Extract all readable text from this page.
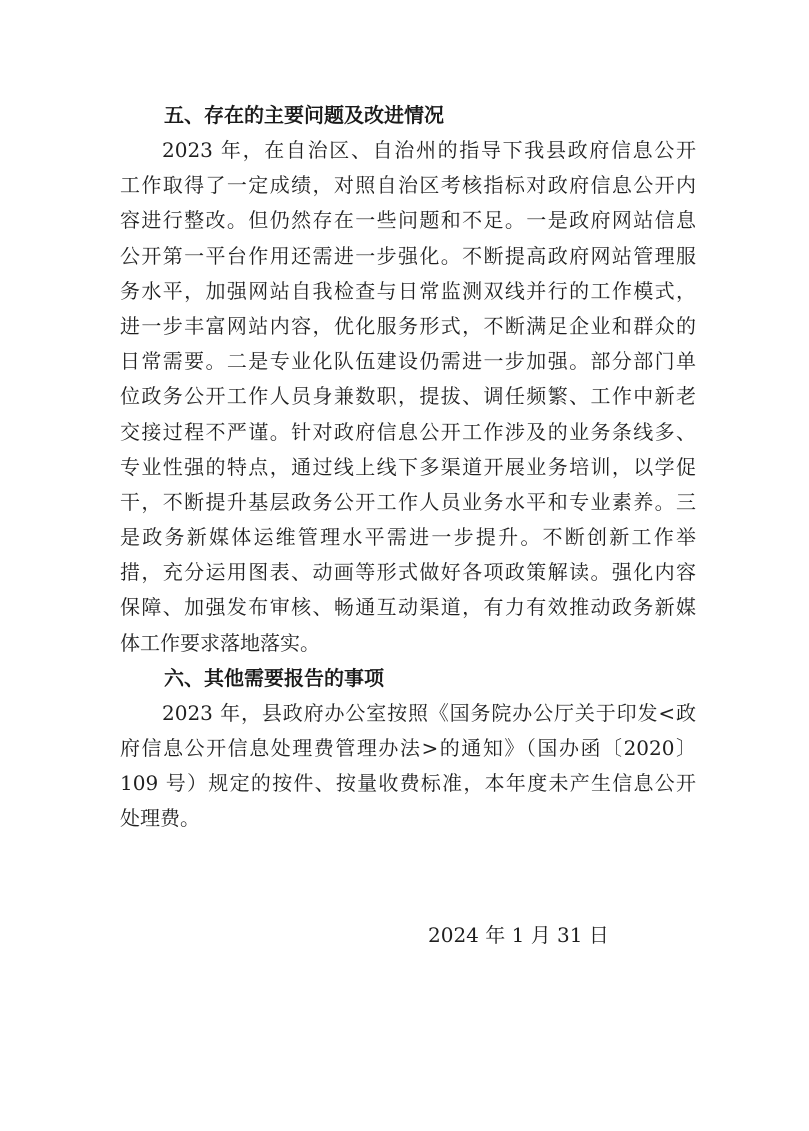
五、存在的主要问题及改进情况
2023 年，在自治区、自治州的指导下我县政府信息公开
工作取得了一定成绩，对照自治区考核指标对政府信息公开内
容进行整改。但仍然存在一些问题和不足。一是政府网站信息
公开第一平台作用还需进一步强化。不断提高政府网站管理服
务水平，加强网站自我检查与日常监测双线并行的工作模式，
进一步丰富网站内容，优化服务形式，不断满足企业和群众的
日常需要。二是专业化队伍建设仍需进一步加强。部分部门单
位政务公开工作人员身兼数职，提拔、调任频繁、工作中新老
交接过程不严谨。针对政府信息公开工作涉及的业务条线多、
专业性强的特点，通过线上线下多渠道开展业务培训，以学促
干，不断提升基层政务公开工作人员业务水平和专业素养。三
是政务新媒体运维管理水平需进一步提升。不断创新工作举
措，充分运用图表、动画等形式做好各项政策解读。强化内容
保障、加强发布审核、畅通互动渠道，有力有效推动政务新媒
体工作要求落地落实。
六、其他需要报告的事项
2023 年，县政府办公室按照《国务院办公厅关于印发<政
府信息公开信息处理费管理办法>的通知》（国办函〔2020〕
109 号）规定的按件、按量收费标准，本年度未产生信息公开
处理费。
2024 年 1 月 31 日
